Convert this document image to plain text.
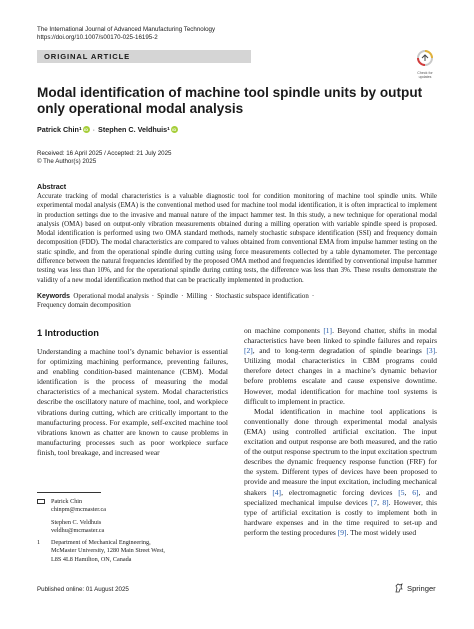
The International Journal of Advanced Manufacturing Technology
https://doi.org/10.1007/s00170-025-16195-2
ORIGINAL ARTICLE
Check for
updates
Modal identification of machine tool spindle units by output only operational modal analysis
Patrick Chin 1 iD · Stephen C. Veldhuis 1 iD
Received: 16 April 2025 / Accepted: 21 July 2025
© The Author(s) 2025
Abstract
Accurate tracking of modal characteristics is a valuable diagnostic tool for condition monitoring of machine tool spindle units. While experimental modal analysis (EMA) is the conventional method used for machine tool modal identification, it is often impractical to implement in production settings due to the invasive and manual nature of the impact hammer test. In this study, a new technique for operational modal analysis (OMA) based on output-only vibration measurements obtained during a milling operation with variable spindle speed is proposed. Modal identification is performed using two OMA standard methods, namely stochastic subspace identification (SSI) and frequency domain decomposition (FDD). The modal characteristics are compared to values obtained from conventional EMA from impulse hammer testing on the static spindle, and from the operational spindle during cutting using force measurements collected by a table dynamometer. The percentage difference between the natural frequencies identified by the proposed OMA method and frequencies identified by conventional impulse hammer testing was less than 10%, and for the operational spindle during cutting tests, the difference was less than 3%. These results demonstrate the validity of a new modal identification method that can be practically implemented in production.
Keywords Operational modal analysis · Spindle · Milling · Stochastic subspace identification ·
Frequency domain decomposition
1 Introduction

Understanding a machine tool’s dynamic behavior is essential for optimizing machining performance, preventing failures, and enabling condition-based maintenance (CBM). Modal identification is the process of measuring the modal characteristics of a mechanical system. Modal characteristics describe the oscillatory nature of machine, tool, and workpiece vibrations during cutting, which are critically important to the manufacturing process. For example, self-excited machine tool vibrations known as chatter are known to cause problems in manufacturing processes such as poor workpiece surface finish, tool breakage, and increased wear

on machine components [1]. Beyond chatter, shifts in modal characteristics have been linked to spindle failures and repairs [2], and to long-term degradation of spindle bearings [3]. Utilizing modal characteristics in CBM programs could therefore detect changes in a machine’s dynamic behavior before problems escalate and cause expensive downtime. However, modal identification for machine tool systems is difficult to implement in practice.

Modal identification in machine tool applications is conventionally done through experimental modal analysis (EMA) using controlled artificial excitation. The input excitation and output response are both measured, and the ratio of the output response spectrum to the input excitation spectrum describes the dynamic frequency response function (FRF) for the system. Different types of devices have been proposed to provide and measure the input excitation, including mechanical shakers [4], electromagnetic forcing devices [5, 6], and specialized mechanical impulse devices [7, 8]. However, this type of artificial excitation is costly to implement both in hardware expenses and in the time required to set-up and perform the testing procedures [9]. The most widely used

Patrick Chin
chinpm@mcmaster.ca
Stephen C. Veldhuis
veldhu@mcmaster.ca
1	Department of Mechanical Engineering,
McMaster University, 1280 Main Street West,
L8S 4L8 Hamilton, ON, Canada
Published online: 01 August 2025	Springer
